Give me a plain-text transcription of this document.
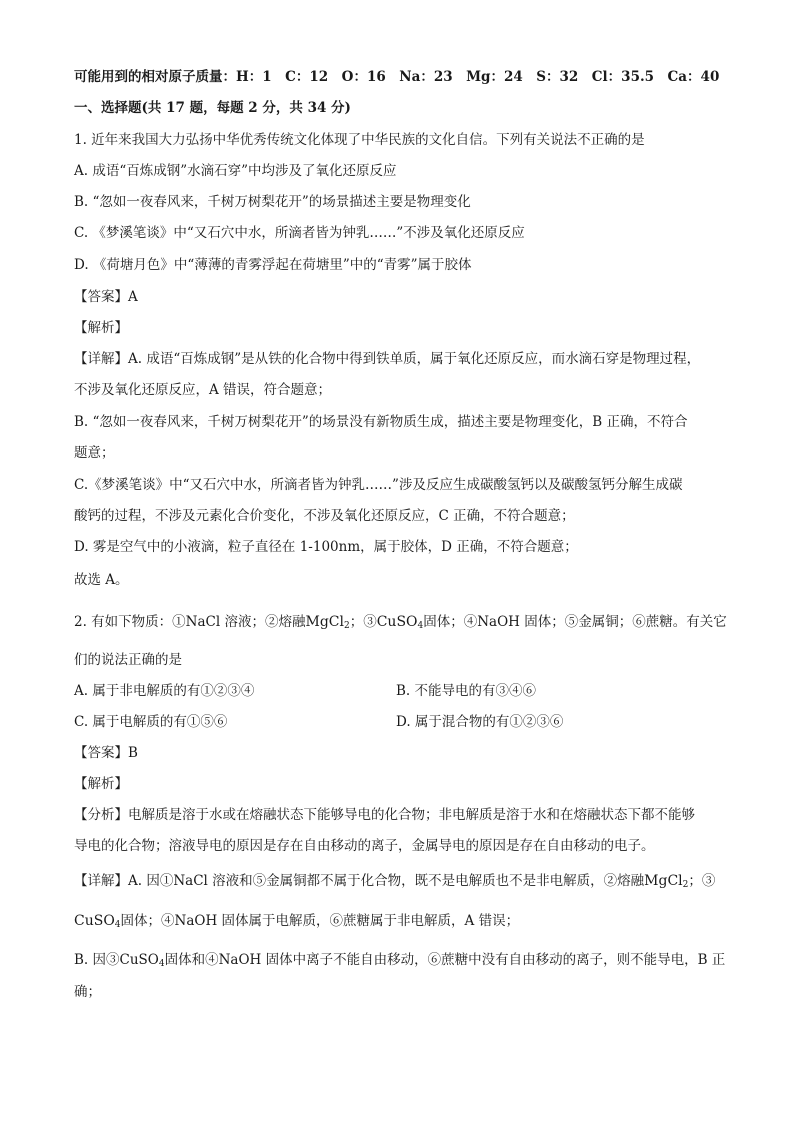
可能用到的相对原子质量：H：1　C：12　O：16　Na：23　Mg：24　S：32　Cl：35.5　Ca：40
一、选择题(共 17 题，每题 2 分，共 34 分)
1. 近年来我国大力弘扬中华优秀传统文化体现了中华民族的文化自信。下列有关说法不正确的是
A. 成语“百炼成钢”水滴石穿”中均涉及了氧化还原反应
B. “忽如一夜春风来，千树万树梨花开”的场景描述主要是物理变化
C. 《梦溪笔谈》中“又石穴中水，所滴者皆为钟乳……”不涉及氧化还原反应
D. 《荷塘月色》中“薄薄的青雾浮起在荷塘里”中的“青雾”属于胶体
【答案】A
【解析】
【详解】A. 成语“百炼成钢”是从铁的化合物中得到铁单质，属于氧化还原反应，而水滴石穿是物理过程，
不涉及氧化还原反应，A 错误，符合题意；
B. “忽如一夜春风来，千树万树梨花开”的场景没有新物质生成，描述主要是物理变化，B 正确，不符合
题意；
C.《梦溪笔谈》中“又石穴中水，所滴者皆为钟乳……”涉及反应生成碳酸氢钙以及碳酸氢钙分解生成碳
酸钙的过程，不涉及元素化合价变化，不涉及氧化还原反应，C 正确，不符合题意；
D. 雾是空气中的小液滴，粒子直径在 1-100nm，属于胶体，D 正确，不符合题意；
故选 A。
2. 有如下物质：①NaCl 溶液；②熔融MgCl$_2$；③CuSO$_4$固体；④NaOH 固体；⑤金属铜；⑥蔗糖。有关它
们的说法正确的是
A. 属于非电解质的有①②③④	B. 不能导电的有③④⑥
C. 属于电解质的有①⑤⑥	D. 属于混合物的有①②③⑥
【答案】B
【解析】
【分析】电解质是溶于水或在熔融状态下能够导电的化合物；非电解质是溶于水和在熔融状态下都不能够
导电的化合物；溶液导电的原因是存在自由移动的离子，金属导电的原因是存在自由移动的电子。
【详解】A. 因①NaCl 溶液和⑤金属铜都不属于化合物，既不是电解质也不是非电解质，②熔融MgCl$_2$；③
CuSO$_4$固体；④NaOH 固体属于电解质，⑥蔗糖属于非电解质，A 错误；
B. 因③CuSO$_4$固体和④NaOH 固体中离子不能自由移动，⑥蔗糖中没有自由移动的离子，则不能导电，B 正
确；
